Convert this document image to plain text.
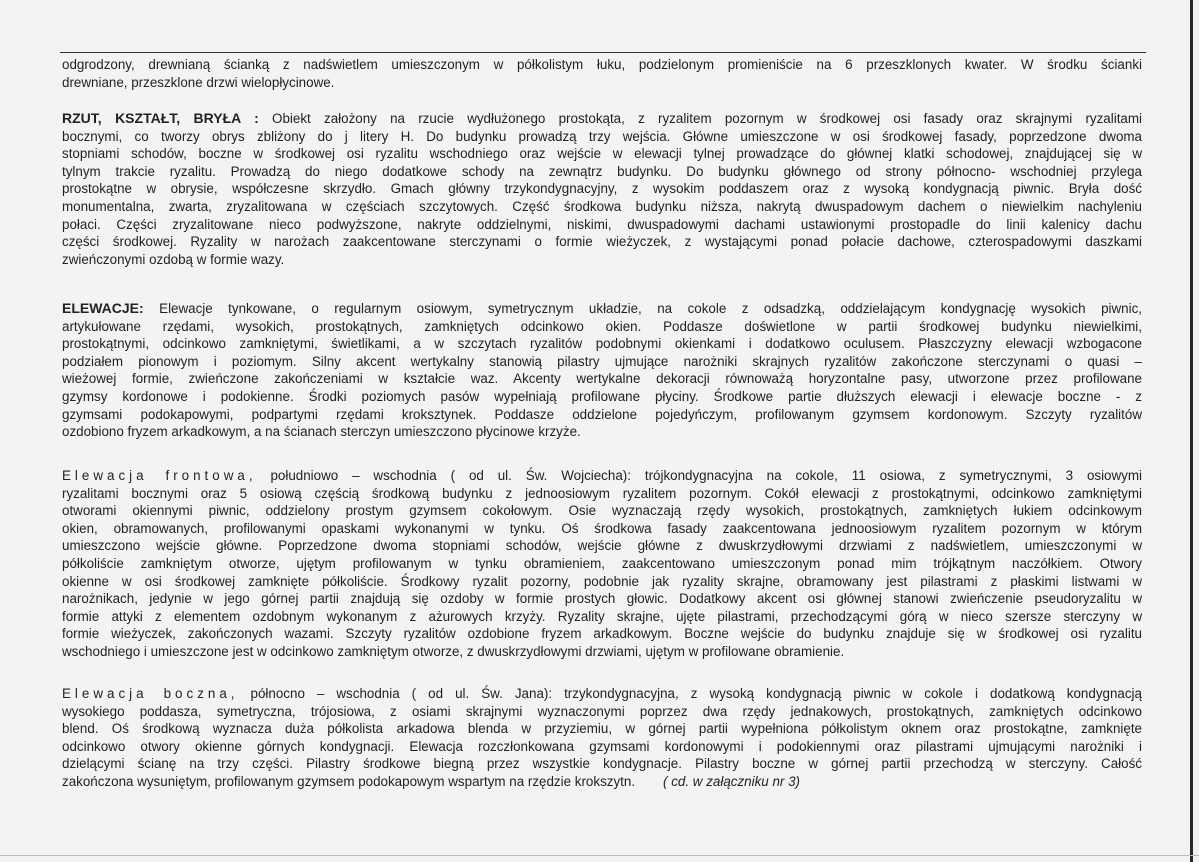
odgrodzony, drewnianą ścianką z nadświetlem umieszczonym w półkolistym łuku, podzielonym promieniście na 6 przeszklonych kwater. W środku ścianki
drewniane, przeszklone drzwi wielopłycinowe.
RZUT, KSZTAŁT, BRYŁA : Obiekt założony na rzucie wydłużonego prostokąta, z ryzalitem pozornym w środkowej osi fasady oraz skrajnymi ryzalitami
bocznymi, co tworzy obrys zbliżony do j litery H. Do budynku prowadzą trzy wejścia. Główne umieszczone w osi środkowej fasady, poprzedzone dwoma
stopniami schodów, boczne w środkowej osi ryzalitu wschodniego oraz wejście w elewacji tylnej prowadzące do głównej klatki schodowej, znajdującej się w
tylnym trakcie ryzalitu. Prowadzą do niego dodatkowe schody na zewnątrz budynku. Do budynku głównego od strony północno- wschodniej przylega
prostokątne w obrysie, współczesne skrzydło. Gmach główny trzykondygnacyjny, z wysokim poddaszem oraz z wysoką kondygnacją piwnic. Bryła dość
monumentalna, zwarta, zryzalitowana w częściach szczytowych. Część środkowa budynku niższa, nakrytą dwuspadowym dachem o niewielkim nachyleniu
połaci. Części zryzalitowane nieco podwyższone, nakryte oddzielnymi, niskimi, dwuspadowymi dachami ustawionymi prostopadle do linii kalenicy dachu
części środkowej. Ryzality w narożach zaakcentowane sterczynami o formie wieżyczek, z wystającymi ponad połacie dachowe, czterospadowymi daszkami
zwieńczonymi ozdobą w formie wazy.
ELEWACJE: Elewacje tynkowane, o regularnym osiowym, symetrycznym układzie, na cokole z odsadzką, oddzielającym kondygnację wysokich piwnic,
artykułowane rzędami, wysokich, prostokątnych, zamkniętych odcinkowo okien. Poddasze doświetlone w partii środkowej budynku niewielkimi,
prostokątnymi, odcinkowo zamkniętymi, świetlikami, a w szczytach ryzalitów podobnymi okienkami i dodatkowo oculusem. Płaszczyzny elewacji wzbogacone
podziałem pionowym i poziomym. Silny akcent wertykalny stanowią pilastry ujmujące narożniki skrajnych ryzalitów zakończone sterczynami o quasi –
wieżowej formie, zwieńczone zakończeniami w kształcie waz. Akcenty wertykalne dekoracji równoważą horyzontalne pasy, utworzone przez profilowane
gzymsy kordonowe i podokienne. Środki poziomych pasów wypełniają profilowane płyciny. Środkowe partie dłuższych elewacji i elewacje boczne - z
gzymsami podokapowymi, podpartymi rzędami kroksztynek. Poddasze oddzielone pojedyńczym, profilowanym gzymsem kordonowym. Szczyty ryzalitów
ozdobiono fryzem arkadkowym, a na ścianach sterczyn umieszczono płycinowe krzyże.
Elewacja frontowa, południowo – wschodnia ( od ul. Św. Wojciecha): trójkondygnacyjna na cokole, 11 osiowa, z symetrycznymi, 3 osiowymi
ryzalitami bocznymi oraz 5 osiową częścią środkową budynku z jednoosiowym ryzalitem pozornym. Cokół elewacji z prostokątnymi, odcinkowo zamkniętymi
otworami okiennymi piwnic, oddzielony prostym gzymsem cokołowym. Osie wyznaczają rzędy wysokich, prostokątnych, zamkniętych łukiem odcinkowym
okien, obramowanych, profilowanymi opaskami wykonanymi w tynku. Oś środkowa fasady zaakcentowana jednoosiowym ryzalitem pozornym w którym
umieszczono wejście główne. Poprzedzone dwoma stopniami schodów, wejście główne z dwuskrzydłowymi drzwiami z nadświetlem, umieszczonymi w
półkoliście zamkniętym otworze, ujętym profilowanym w tynku obramieniem, zaakcentowano umieszczonym ponad mim trójkątnym naczółkiem. Otwory
okienne w osi środkowej zamknięte półkoliście. Środkowy ryzalit pozorny, podobnie jak ryzality skrajne, obramowany jest pilastrami z płaskimi listwami w
narożnikach, jedynie w jego górnej partii znajdują się ozdoby w formie prostych głowic. Dodatkowy akcent osi głównej stanowi zwieńczenie pseudoryzalitu w
formie attyki z elementem ozdobnym wykonanym z ażurowych krzyży. Ryzality skrajne, ujęte pilastrami, przechodzącymi górą w nieco szersze sterczyny w
formie wieżyczek, zakończonych wazami. Szczyty ryzalitów ozdobione fryzem arkadkowym. Boczne wejście do budynku znajduje się w środkowej osi ryzalitu
wschodniego i umieszczone jest w odcinkowo zamkniętym otworze, z dwuskrzydłowymi drzwiami, ujętym w profilowane obramienie.
Elewacja boczna, północno – wschodnia ( od ul. Św. Jana): trzykondygnacyjna, z wysoką kondygnacją piwnic w cokole i dodatkową kondygnacją
wysokiego poddasza, symetryczna, trójosiowa, z osiami skrajnymi wyznaczonymi poprzez dwa rzędy jednakowych, prostokątnych, zamkniętych odcinkowo
blend. Oś środkową wyznacza duża półkolista arkadowa blenda w przyziemiu, w górnej partii wypełniona półkolistym oknem oraz prostokątne, zamknięte
odcinkowo otwory okienne górnych kondygnacji. Elewacja rozczłonkowana gzymsami kordonowymi i podokiennymi oraz pilastrami ujmującymi narożniki i
dzielącymi ścianę na trzy części. Pilastry środkowe biegną przez wszystkie kondygnacje. Pilastry boczne w górnej partii przechodzą w sterczyny. Całość
zakończona wysuniętym, profilowanym gzymsem podokapowym wspartym na rzędzie krokszytn. ( cd. w załączniku nr 3)
